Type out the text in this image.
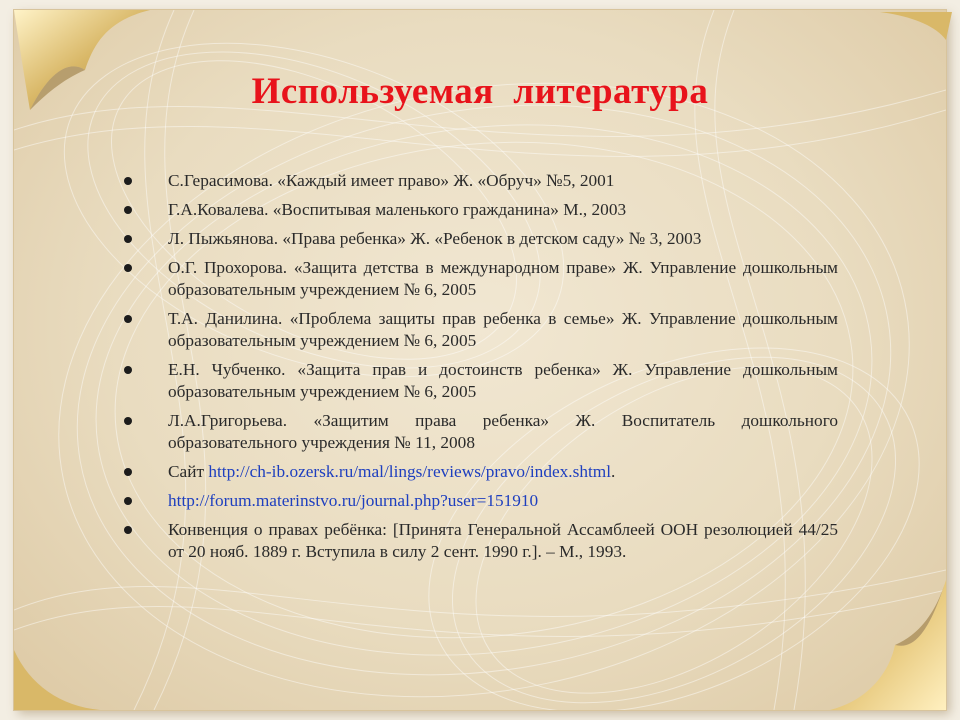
Используемая  литература
С.Герасимова. «Каждый имеет право» Ж. «Обруч» №5, 2001
Г.А.Ковалева. «Воспитывая маленького гражданина» М., 2003
Л. Пыжьянова. «Права ребенка» Ж. «Ребенок в детском саду» № 3, 2003
О.Г. Прохорова. «Защита детства в международном праве» Ж. Управление дошкольным образовательным учреждением № 6, 2005
Т.А. Данилина. «Проблема защиты прав ребенка в семье» Ж. Управление дошкольным образовательным учреждением № 6, 2005
Е.Н. Чубченко. «Защита прав и достоинств ребенка» Ж. Управление дошкольным образовательным учреждением № 6, 2005
Л.А.Григорьева. «Защитим права ребенка» Ж. Воспитатель дошкольного образовательного учреждения № 11, 2008
Сайт http://ch-ib.ozersk.ru/mal/lings/reviews/pravo/index.shtml.
http://forum.materinstvo.ru/journal.php?user=151910
Конвенция о правах ребёнка: [Принята Генеральной Ассамблеей ООН резолюцией 44/25 от 20 нояб. 1889 г. Вступила в силу 2 сент. 1990 г.]. – М., 1993.
